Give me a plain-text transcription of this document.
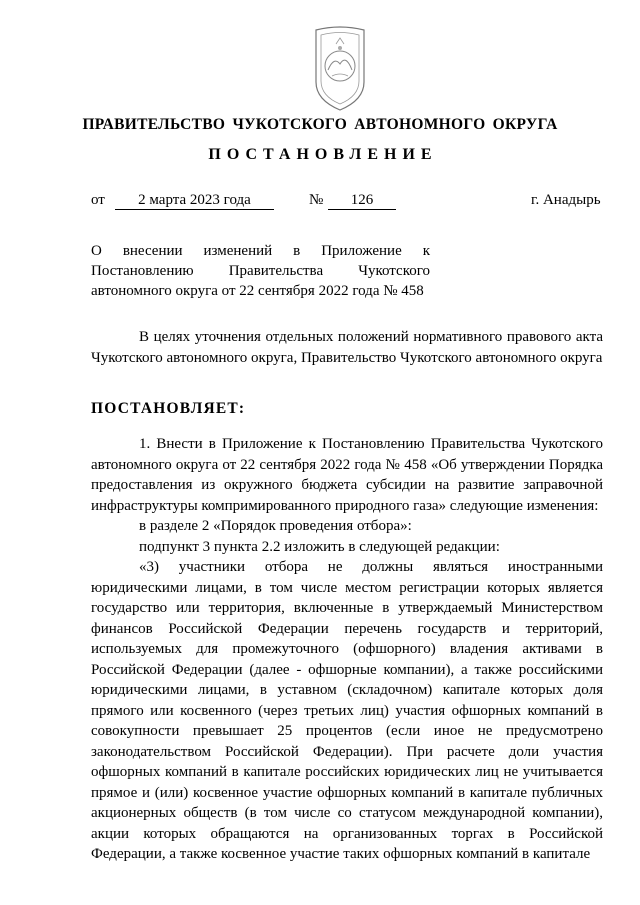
ПРАВИТЕЛЬСТВО ЧУКОТСКОГО АВТОНОМНОГО ОКРУГА
ПОСТАНОВЛЕНИЕ
от	2 марта 2023 года	№	126	г. Анадырь
О внесении изменений в Приложение к Постановлению Правительства Чукотского автономного округа от 22 сентября 2022 года № 458
В целях уточнения отдельных положений нормативного правового акта Чукотского автономного округа, Правительство Чукотского автономного округа
ПОСТАНОВЛЯЕТ:

1. Внести в Приложение к Постановлению Правительства Чукотского автономного округа от 22 сентября 2022 года № 458 «Об утверждении Порядка предоставления из окружного бюджета субсидии на развитие заправочной инфраструктуры компримированного природного газа» следующие изменения:

в разделе 2 «Порядок проведения отбора»:

подпункт 3 пункта 2.2 изложить в следующей редакции:

«3) участники отбора не должны являться иностранными юридическими лицами, в том числе местом регистрации которых является государство или территория, включенные в утверждаемый Министерством финансов Российской Федерации перечень государств и территорий, используемых для промежуточного (офшорного) владения активами в Российской Федерации (далее - офшорные компании), а также российскими юридическими лицами, в уставном (складочном) капитале которых доля прямого или косвенного (через третьих лиц) участия офшорных компаний в совокупности превышает 25 процентов (если иное не предусмотрено законодательством Российской Федерации). При расчете доли участия офшорных компаний в капитале российских юридических лиц не учитывается прямое и (или) косвенное участие офшорных компаний в капитале публичных акционерных обществ (в том числе со статусом международной компании), акции которых обращаются на организованных торгах в Российской Федерации, а также косвенное участие таких офшорных компаний в капитале
